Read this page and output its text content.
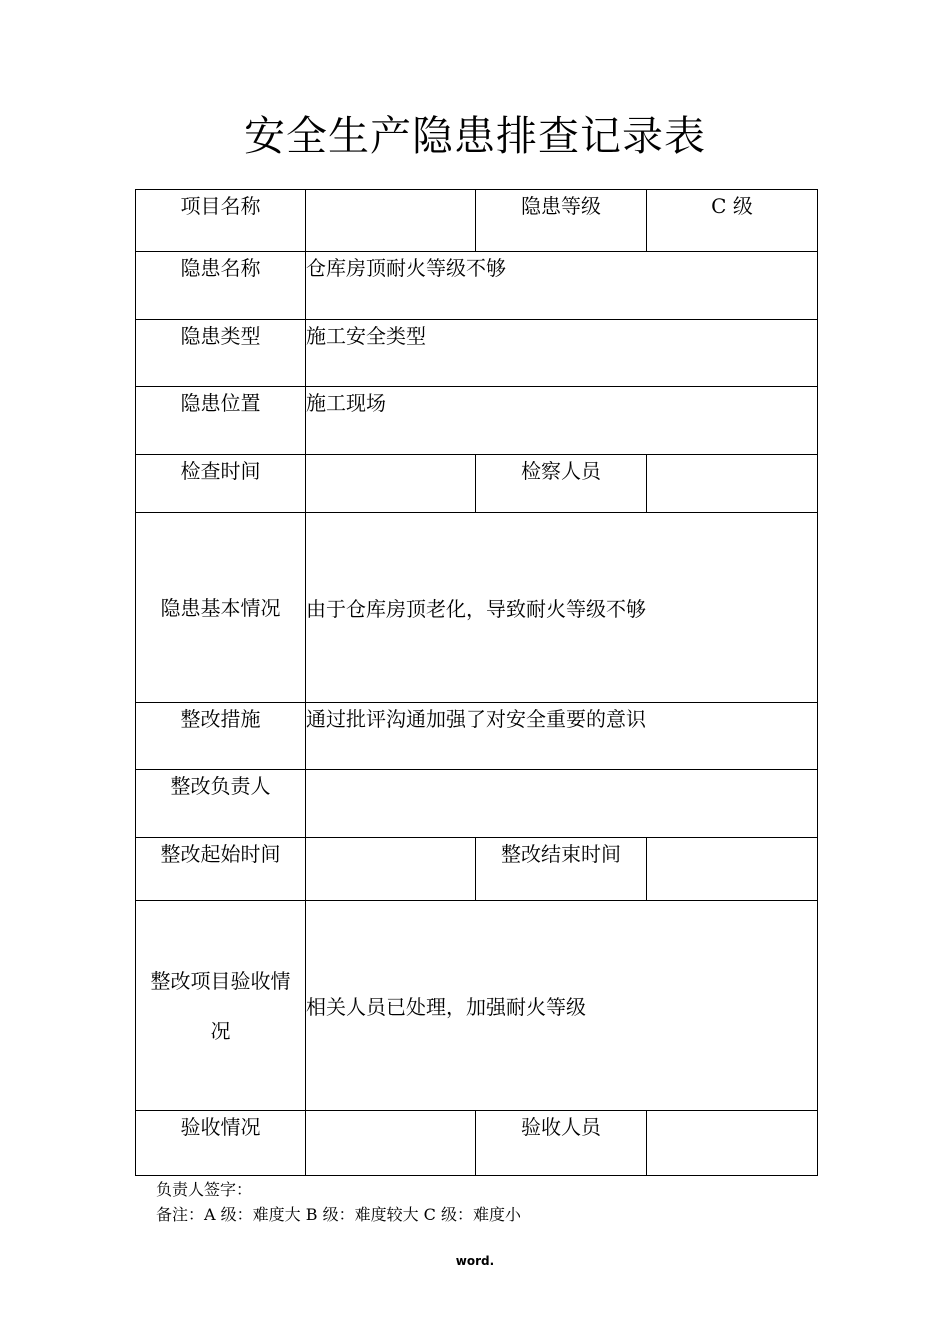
安全生产隐患排查记录表
项目名称		隐患等级	C 级
隐患名称	仓库房顶耐火等级不够		
隐患类型	施工安全类型		
隐患位置	施工现场		
检查时间		检察人员	
隐患基本情况	由于仓库房顶老化，导致耐火等级不够		
整改措施	通过批评沟通加强了对安全重要的意识		
整改负责人			
整改起始时间		整改结束时间	
整改项目验收情况	相关人员已处理，加强耐火等级		
验收情况		验收人员	
负责人签字：
备注：A 级：难度大 B 级：难度较大 C 级：难度小
word.
